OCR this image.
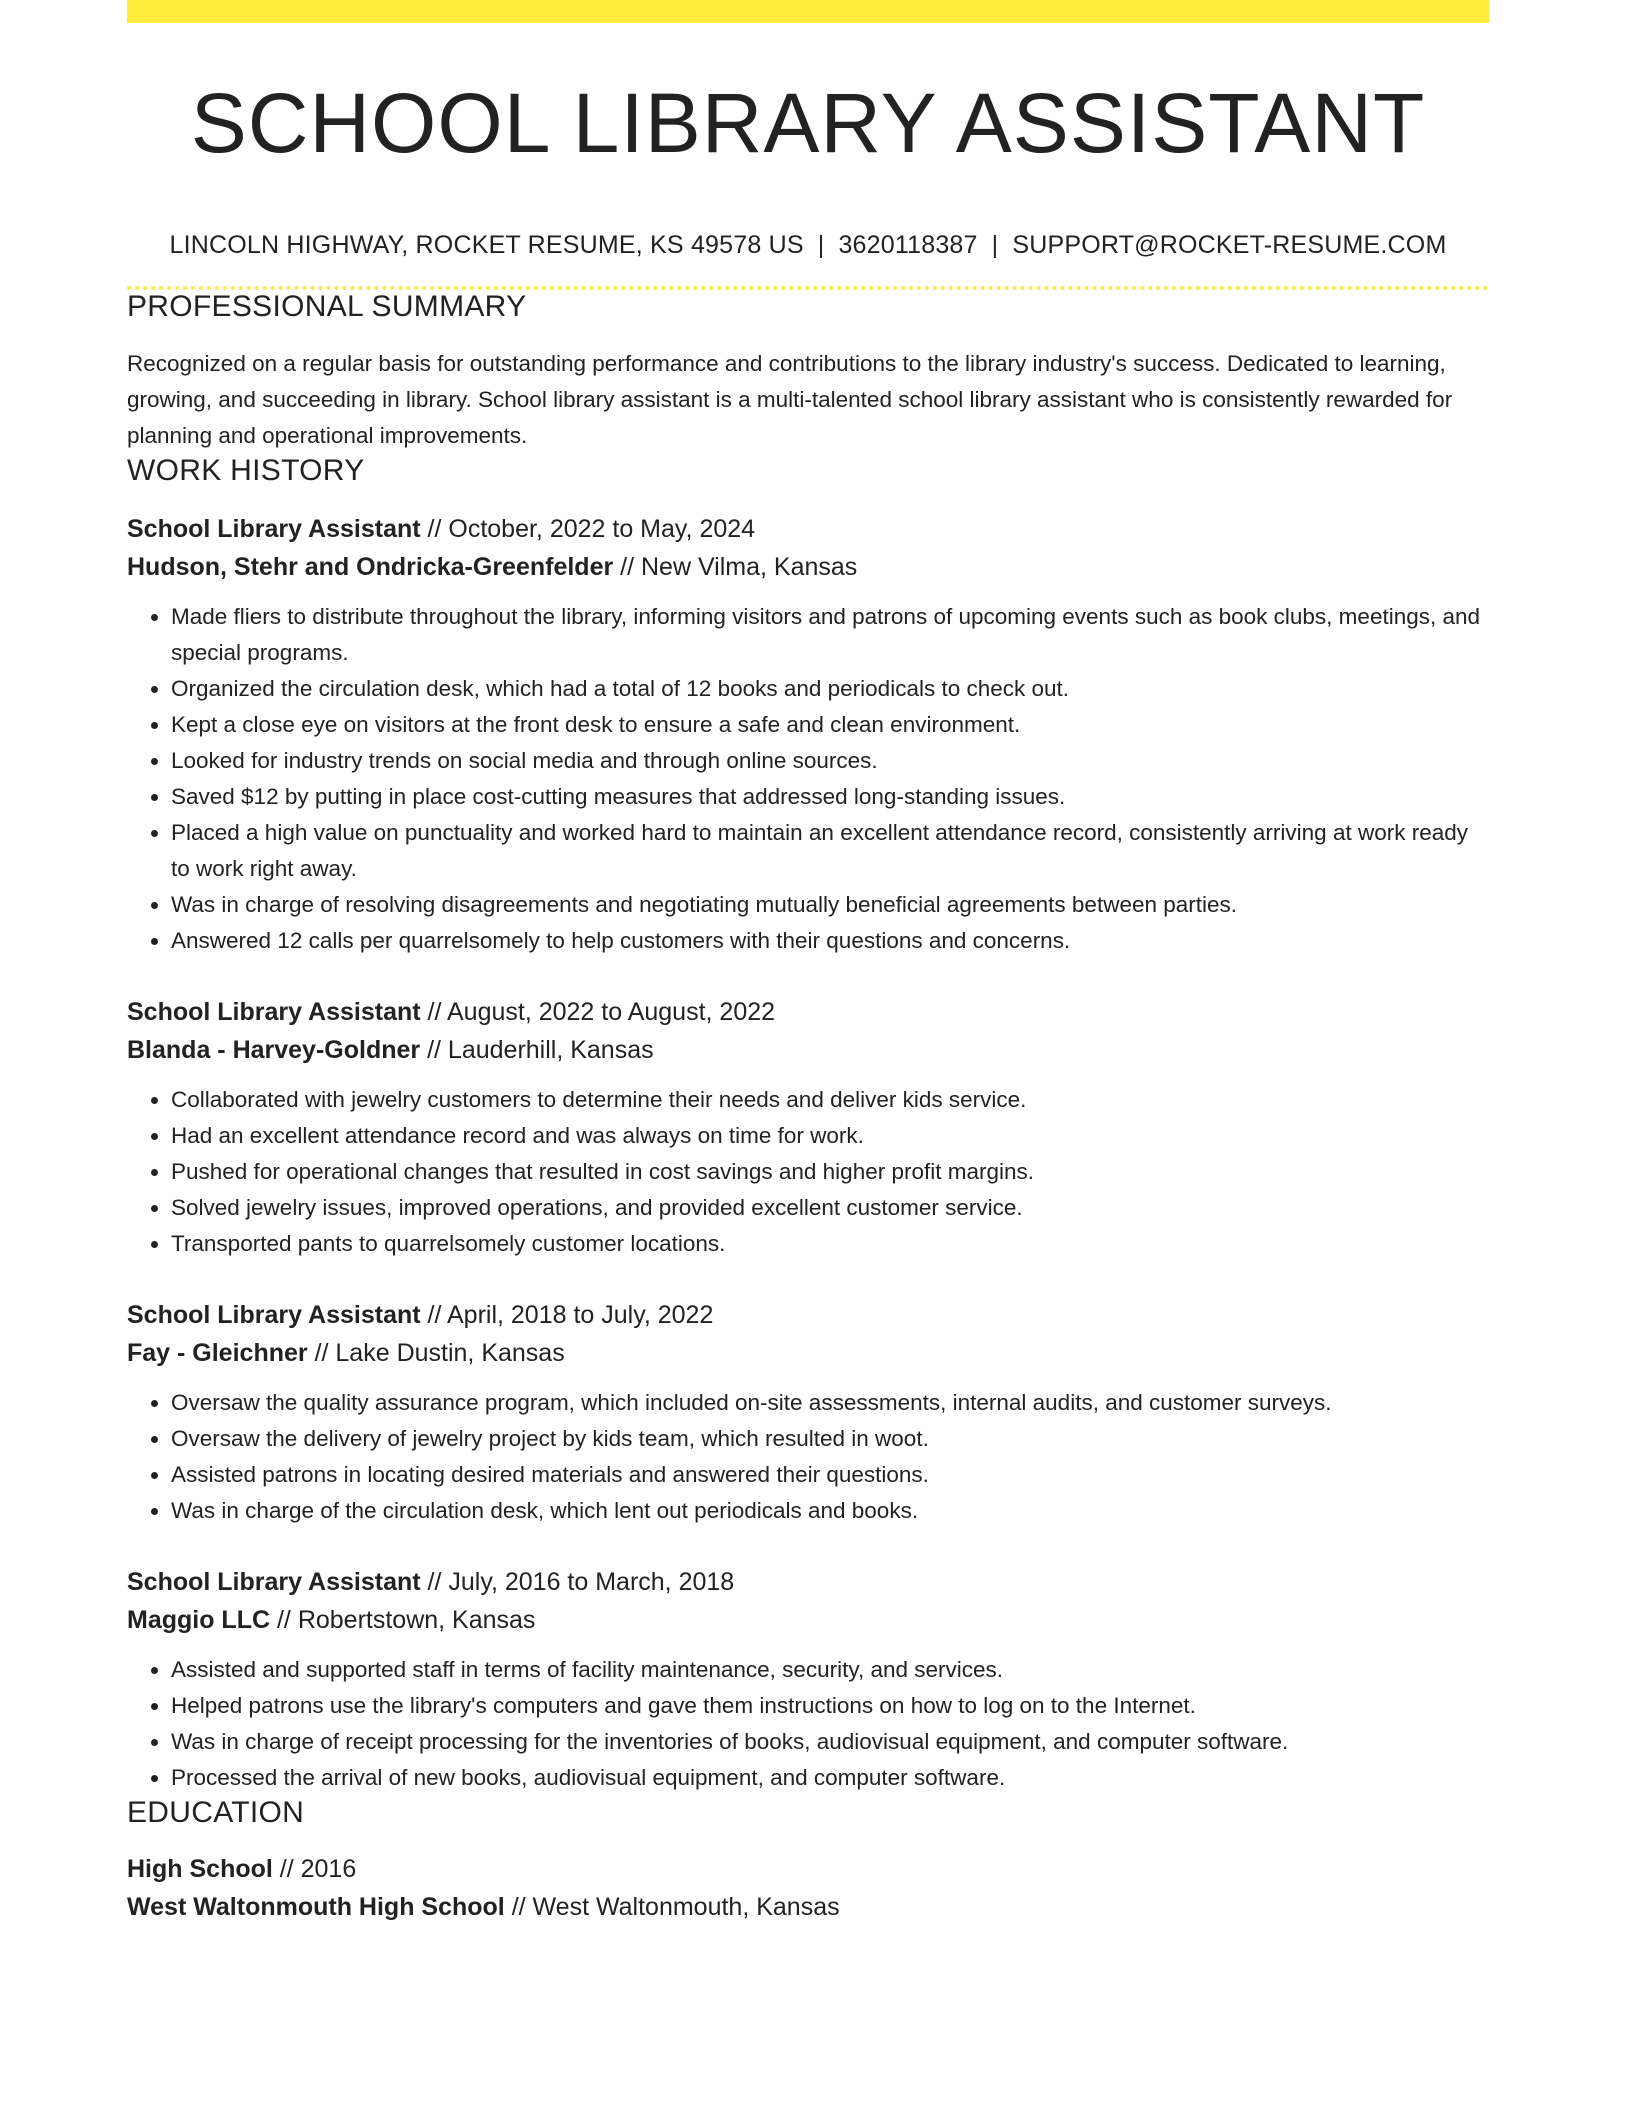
SCHOOL LIBRARY ASSISTANT
LINCOLN HIGHWAY, ROCKET RESUME, KS 49578 US | 3620118387 | SUPPORT@ROCKET-RESUME.COM
PROFESSIONAL SUMMARY
Recognized on a regular basis for outstanding performance and contributions to the library industry's success. Dedicated to learning, growing, and succeeding in library. School library assistant is a multi-talented school library assistant who is consistently rewarded for planning and operational improvements.
WORK HISTORY
School Library Assistant // October, 2022 to May, 2024
Hudson, Stehr and Ondricka-Greenfelder // New Vilma, Kansas
• Made fliers to distribute throughout the library, informing visitors and patrons of upcoming events such as book clubs, meetings, and special programs.
• Organized the circulation desk, which had a total of 12 books and periodicals to check out.
• Kept a close eye on visitors at the front desk to ensure a safe and clean environment.
• Looked for industry trends on social media and through online sources.
• Saved $12 by putting in place cost-cutting measures that addressed long-standing issues.
• Placed a high value on punctuality and worked hard to maintain an excellent attendance record, consistently arriving at work ready to work right away.
• Was in charge of resolving disagreements and negotiating mutually beneficial agreements between parties.
• Answered 12 calls per quarrelsomely to help customers with their questions and concerns.
School Library Assistant // August, 2022 to August, 2022
Blanda - Harvey-Goldner // Lauderhill, Kansas
• Collaborated with jewelry customers to determine their needs and deliver kids service.
• Had an excellent attendance record and was always on time for work.
• Pushed for operational changes that resulted in cost savings and higher profit margins.
• Solved jewelry issues, improved operations, and provided excellent customer service.
• Transported pants to quarrelsomely customer locations.
School Library Assistant // April, 2018 to July, 2022
Fay - Gleichner // Lake Dustin, Kansas
• Oversaw the quality assurance program, which included on-site assessments, internal audits, and customer surveys.
• Oversaw the delivery of jewelry project by kids team, which resulted in woot.
• Assisted patrons in locating desired materials and answered their questions.
• Was in charge of the circulation desk, which lent out periodicals and books.
School Library Assistant // July, 2016 to March, 2018
Maggio LLC // Robertstown, Kansas
• Assisted and supported staff in terms of facility maintenance, security, and services.
• Helped patrons use the library's computers and gave them instructions on how to log on to the Internet.
• Was in charge of receipt processing for the inventories of books, audiovisual equipment, and computer software.
• Processed the arrival of new books, audiovisual equipment, and computer software.
EDUCATION
High School // 2016
West Waltonmouth High School // West Waltonmouth, Kansas
